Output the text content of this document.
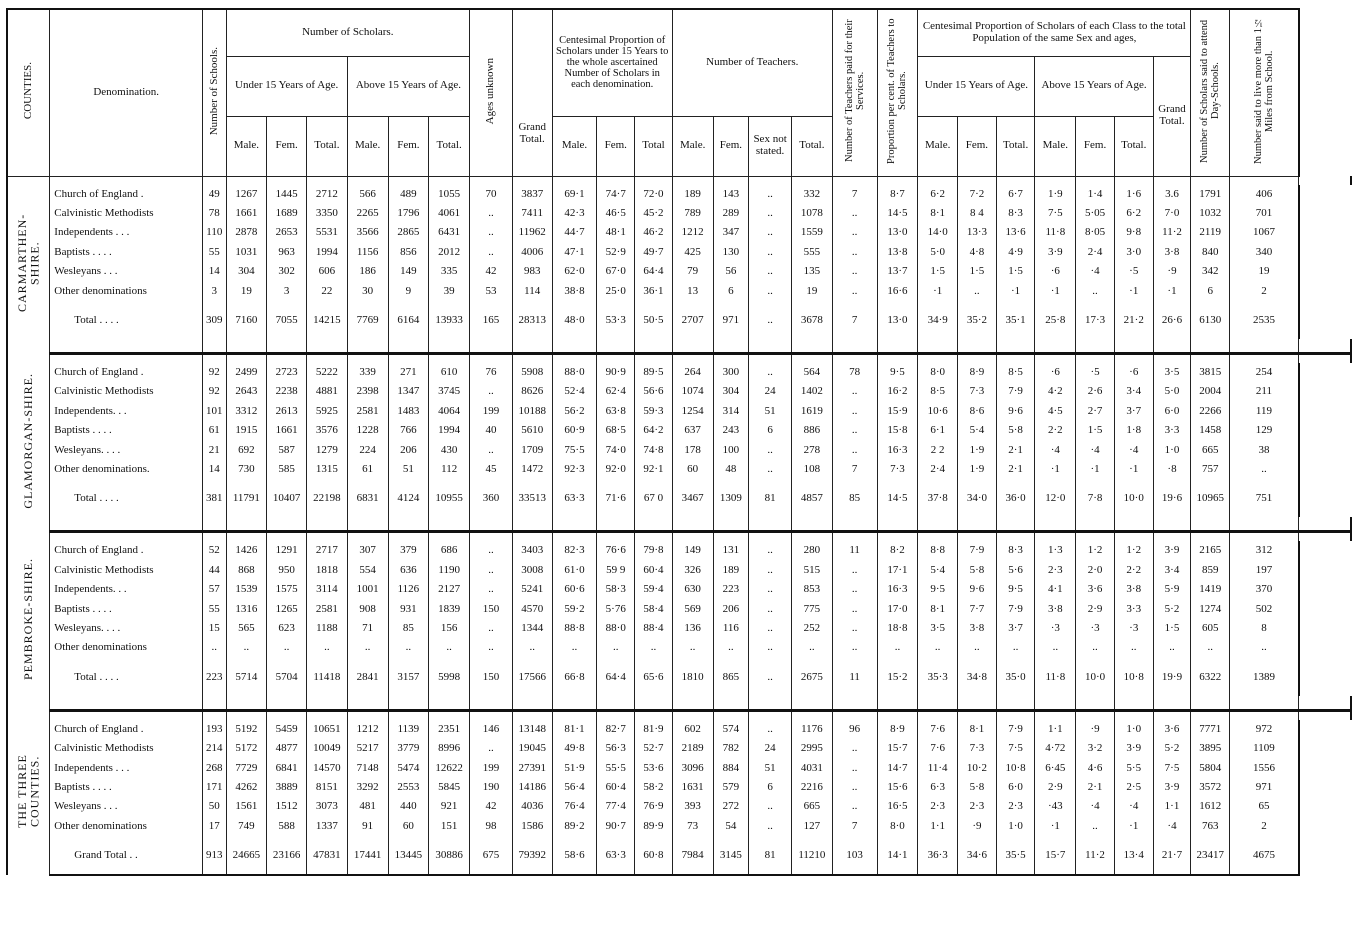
COUNTIES.	Denomination.	Number of Schools.	Number of Scholars.						Ages unknown	Grand Total.	Centesimal Proportion of Scholars under 15 Years to the whole ascertained Number of Scholars in each denomination.			Number of Teachers.				Number of Teachers paid for their Services.	Proportion per cent. of Teachers to Scholars.	Centesimal Proportion of Scholars of each Class to the total Population of the same Sex and ages,							Number of Scholars said to attend Day-Schools.	Number said to live more than 1½ Miles from School.	
			Under 15 Years of Age.			Above 15 Years of Age.														Under 15 Years of Age.			Above 15 Years of Age.			Grand Total.			
			Male.	Fem.	Total.	Male.	Fem.	Total.			Male.	Fem.	Total	Male.	Fem.	Sex not stated.	Total.			Male.	Fem.	Total.	Male.	Fem.	Total.				
CARMARTHEN-SHIRE.																													
	Church of England .	49	1267	1445	2712	566	489	1055	70	3837	69·1	74·7	72·0	189	143	..	332	7	8·7	6·2	7·2	6·7	1·9	1·4	1·6	3.6	1791	406	
	Calvinistic Methodists	78	1661	1689	3350	2265	1796	4061	..	7411	42·3	46·5	45·2	789	289	..	1078	..	14·5	8·1	8 4	8·3	7·5	5·05	6·2	7·0	1032	701	
	Independents . . .	110	2878	2653	5531	3566	2865	6431	..	11962	44·7	48·1	46·2	1212	347	..	1559	..	13·0	14·0	13·3	13·6	11·8	8·05	9·8	11·2	2119	1067	
	Baptists . . . .	55	1031	963	1994	1156	856	2012	..	4006	47·1	52·9	49·7	425	130	..	555	..	13·8	5·0	4·8	4·9	3·9	2·4	3·0	3·8	840	340	
	Wesleyans . . .	14	304	302	606	186	149	335	42	983	62·0	67·0	64·4	79	56	..	135	..	13·7	1·5	1·5	1·5	·6	·4	·5	·9	342	19	
	Other denominations	3	19	3	22	30	9	39	53	114	38·8	25·0	36·1	13	6	..	19	..	16·6	·1	..	·1	·1	..	·1	·1	6	2	
	Total . . . .	309	7160	7055	14215	7769	6164	13933	165	28313	48·0	53·3	50·5	2707	971	..	3678	7	13·0	34·9	35·2	35·1	25·8	17·3	21·2	26·6	6130	2535	

GLAMORGAN-SHIRE.																													
	Church of England .	92	2499	2723	5222	339	271	610	76	5908	88·0	90·9	89·5	264	300	..	564	78	9·5	8·0	8·9	8·5	·6	·5	·6	3·5	3815	254	
	Calvinistic Methodists	92	2643	2238	4881	2398	1347	3745	..	8626	52·4	62·4	56·6	1074	304	24	1402	..	16·2	8·5	7·3	7·9	4·2	2·6	3·4	5·0	2004	211	
	Independents. . .	101	3312	2613	5925	2581	1483	4064	199	10188	56·2	63·8	59·3	1254	314	51	1619	..	15·9	10·6	8·6	9·6	4·5	2·7	3·7	6·0	2266	119	
	Baptists . . . .	61	1915	1661	3576	1228	766	1994	40	5610	60·9	68·5	64·2	637	243	6	886	..	15·8	6·1	5·4	5·8	2·2	1·5	1·8	3·3	1458	129	
	Wesleyans. . . .	21	692	587	1279	224	206	430	..	1709	75·5	74·0	74·8	178	100	..	278	..	16·3	2 2	1·9	2·1	·4	·4	·4	1·0	665	38	
	Other denominations.	14	730	585	1315	61	51	112	45	1472	92·3	92·0	92·1	60	48	..	108	7	7·3	2·4	1·9	2·1	·1	·1	·1	·8	757	..	
	Total . . . .	381	11791	10407	22198	6831	4124	10955	360	33513	63·3	71·6	67 0	3467	1309	81	4857	85	14·5	37·8	34·0	36·0	12·0	7·8	10·0	19·6	10965	751	

PEMBROKE-SHIRE.																													
	Church of England .	52	1426	1291	2717	307	379	686	..	3403	82·3	76·6	79·8	149	131	..	280	11	8·2	8·8	7·9	8·3	1·3	1·2	1·2	3·9	2165	312	
	Calvinistic Methodists	44	868	950	1818	554	636	1190	..	3008	61·0	59 9	60·4	326	189	..	515	..	17·1	5·4	5·8	5·6	2·3	2·0	2·2	3·4	859	197	
	Independents. . .	57	1539	1575	3114	1001	1126	2127	..	5241	60·6	58·3	59·4	630	223	..	853	..	16·3	9·5	9·6	9·5	4·1	3·6	3·8	5·9	1419	370	
	Baptists . . . .	55	1316	1265	2581	908	931	1839	150	4570	59·2	5·76	58·4	569	206	..	775	..	17·0	8·1	7·7	7·9	3·8	2·9	3·3	5·2	1274	502	
	Wesleyans. . . .	15	565	623	1188	71	85	156	..	1344	88·8	88·0	88·4	136	116	..	252	..	18·8	3·5	3·8	3·7	·3	·3	·3	1·5	605	8	
	Other denominations	..	..	..	..	..	..	..	..	..	..	..	..	..	..	..	..	..	..	..	..	..	..	..	..	..	..	..	
	Total . . . .	223	5714	5704	11418	2841	3157	5998	150	17566	66·8	64·4	65·6	1810	865	..	2675	11	15·2	35·3	34·8	35·0	11·8	10·0	10·8	19·9	6322	1389	

THE THREE COUNTIES.																													
	Church of England .	193	5192	5459	10651	1212	1139	2351	146	13148	81·1	82·7	81·9	602	574	..	1176	96	8·9	7·6	8·1	7·9	1·1	·9	1·0	3·6	7771	972	
	Calvinistic Methodists	214	5172	4877	10049	5217	3779	8996	..	19045	49·8	56·3	52·7	2189	782	24	2995	..	15·7	7·6	7·3	7·5	4·72	3·2	3·9	5·2	3895	1109	
	Independents . . .	268	7729	6841	14570	7148	5474	12622	199	27391	51·9	55·5	53·6	3096	884	51	4031	..	14·7	11·4	10·2	10·8	6·45	4·6	5·5	7·5	5804	1556	
	Baptists . . . .	171	4262	3889	8151	3292	2553	5845	190	14186	56·4	60·4	58·2	1631	579	6	2216	..	15·6	6·3	5·8	6·0	2·9	2·1	2·5	3·9	3572	971	
	Wesleyans . . .	50	1561	1512	3073	481	440	921	42	4036	76·4	77·4	76·9	393	272	..	665	..	16·5	2·3	2·3	2·3	·43	·4	·4	1·1	1612	65	
	Other denominations	17	749	588	1337	91	60	151	98	1586	89·2	90·7	89·9	73	54	..	127	7	8·0	1·1	·9	1·0	·1	..	·1	·4	763	2	
	Grand Total . .	913	24665	23166	47831	17441	13445	30886	675	79392	58·6	63·3	60·8	7984	3145	81	11210	103	14·1	36·3	34·6	35·5	15·7	11·2	13·4	21·7	23417	4675	
